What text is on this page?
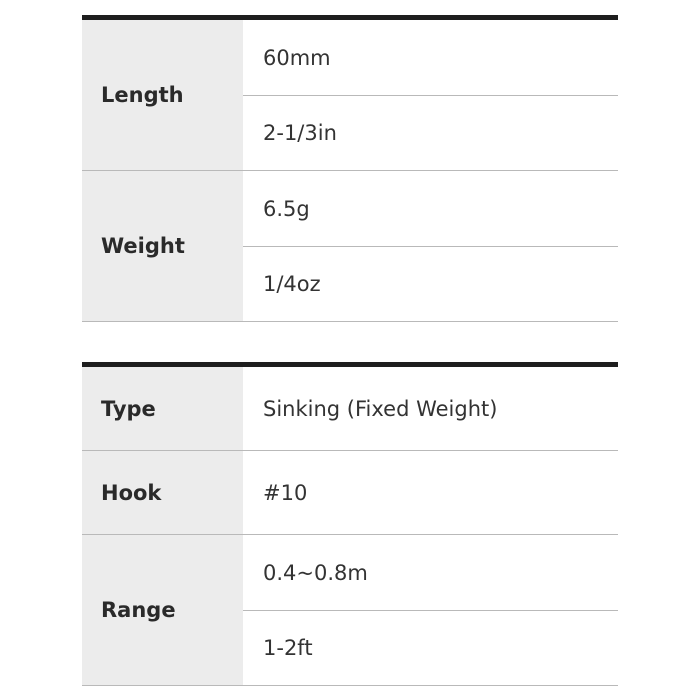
Length
60mm
2-1/3in
Weight
6.5g
1/4oz
Type	Sinking (Fixed Weight)
Hook	#10
Range
0.4~0.8m
1-2ft
